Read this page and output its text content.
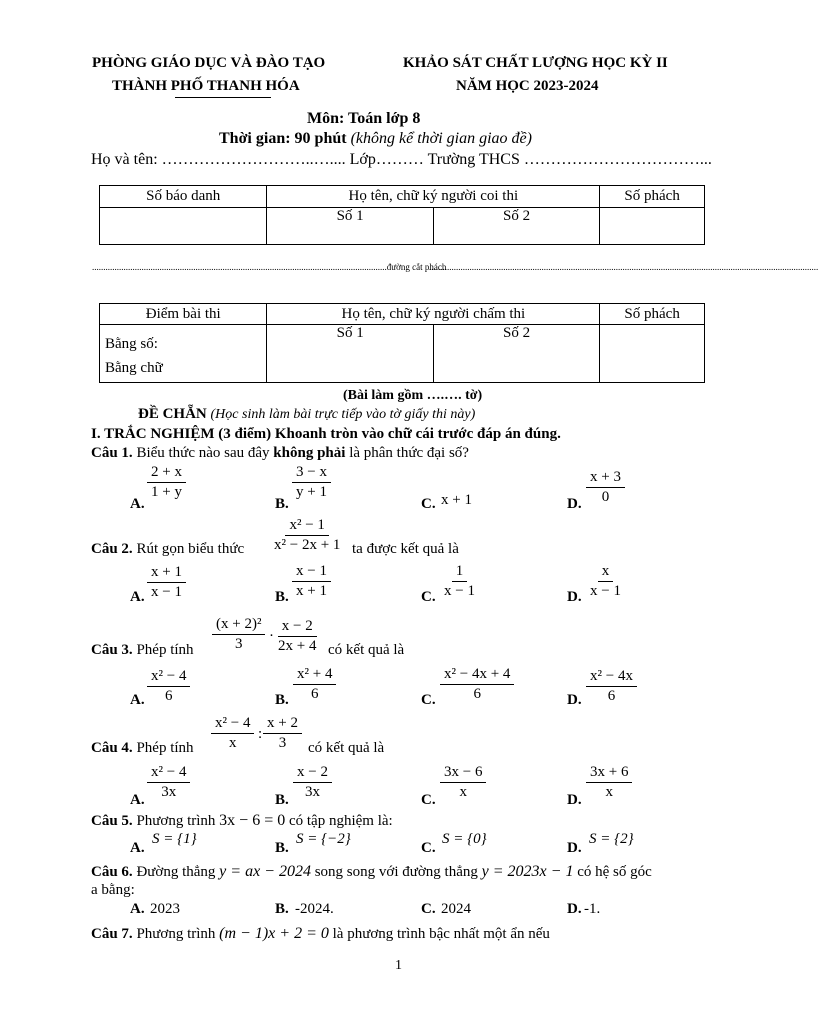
PHÒNG GIÁO DỤC VÀ ĐÀO TẠO
THÀNH PHỐ THANH HÓA
KHẢO SÁT CHẤT LƯỢNG HỌC KỲ II
NĂM HỌC 2023-2024
Môn: Toán lớp 8
Thời gian: 90 phút (không kể thời gian giao đề)
Họ và tên: ………………………..….... Lớp……… Trường THCS ……………………………...
Số báo danh	Họ tên, chữ ký người coi thi		Số phách
	Số 1	Số 2	
...................................................................................................................................đường cắt phách
.............................................................................................................................................................................
Điểm bài thi	Họ tên, chữ ký người chấm thi		Số phách

Bằng số:
Bằng chữ	Số 1	Số 2	
(Bài làm gồm ….…. tờ)
ĐỀ CHẴN (Học sinh làm bài trực tiếp vào tờ giấy thi này)
I. TRẮC NGHIỆM (3 điểm) Khoanh tròn vào chữ cái trước đáp án đúng.
Câu 1. Biểu thức nào sau đây không phải là phân thức đại số?
A.
$\frac{2 + x}{1 + y}$
B.
$\frac{3 - x}{y + 1}$
C. x + 1	D. $\frac{x + 3}{0}$
Câu 2. Rút gọn biểu thức $\frac{\text{x² − 1}}{\text{x² − 2x + 1}}$ ta được kết quả là
A. $\frac{x + 1}{x - 1}$	B. $\frac{x - 1}{x + 1}$	C. $\frac{1}{x - 1}$	D. $\frac{x}{x - 1}$
Câu 3. Phép tính $\frac{\text{(x + 2)²}}{3} \cdot \frac{x - 2}{2x + 4}$ có kết quả là
A. $\frac{\text{x² − 4}}{6}$	B. $\frac{\text{x² + 4}}{6}$	C. $\frac{\text{x² − 4x + 4}}{6}$	D. $\frac{\text{x² − 4x}}{6}$
Câu 4. Phép tính $\frac{\text{x² − 4}}{x}$ : $\frac{x + 2}{3}$ có kết quả là
A. $\frac{\text{x² − 4}}{3x}$	B. $\frac{x - 2}{3x}$	C. $\frac{3x - 6}{x}$	D. $\frac{3x + 6}{x}$
Câu 5. Phương trình 3x − 6 = 0 có tập nghiệm là:
A.
S = {1}
B.
S = {−2}
C.
S = {0}
D.
S = {2}
Câu 6. Đường thẳng y = ax − 2024 song song với đường thẳng y = 2023x − 1 có hệ số góc
a bằng:
A. 2023	B. -2024.	C. 2024	D. -1.
Câu 7. Phương trình (m − 1)x + 2 = 0 là phương trình bậc nhất một ẩn nếu
1
